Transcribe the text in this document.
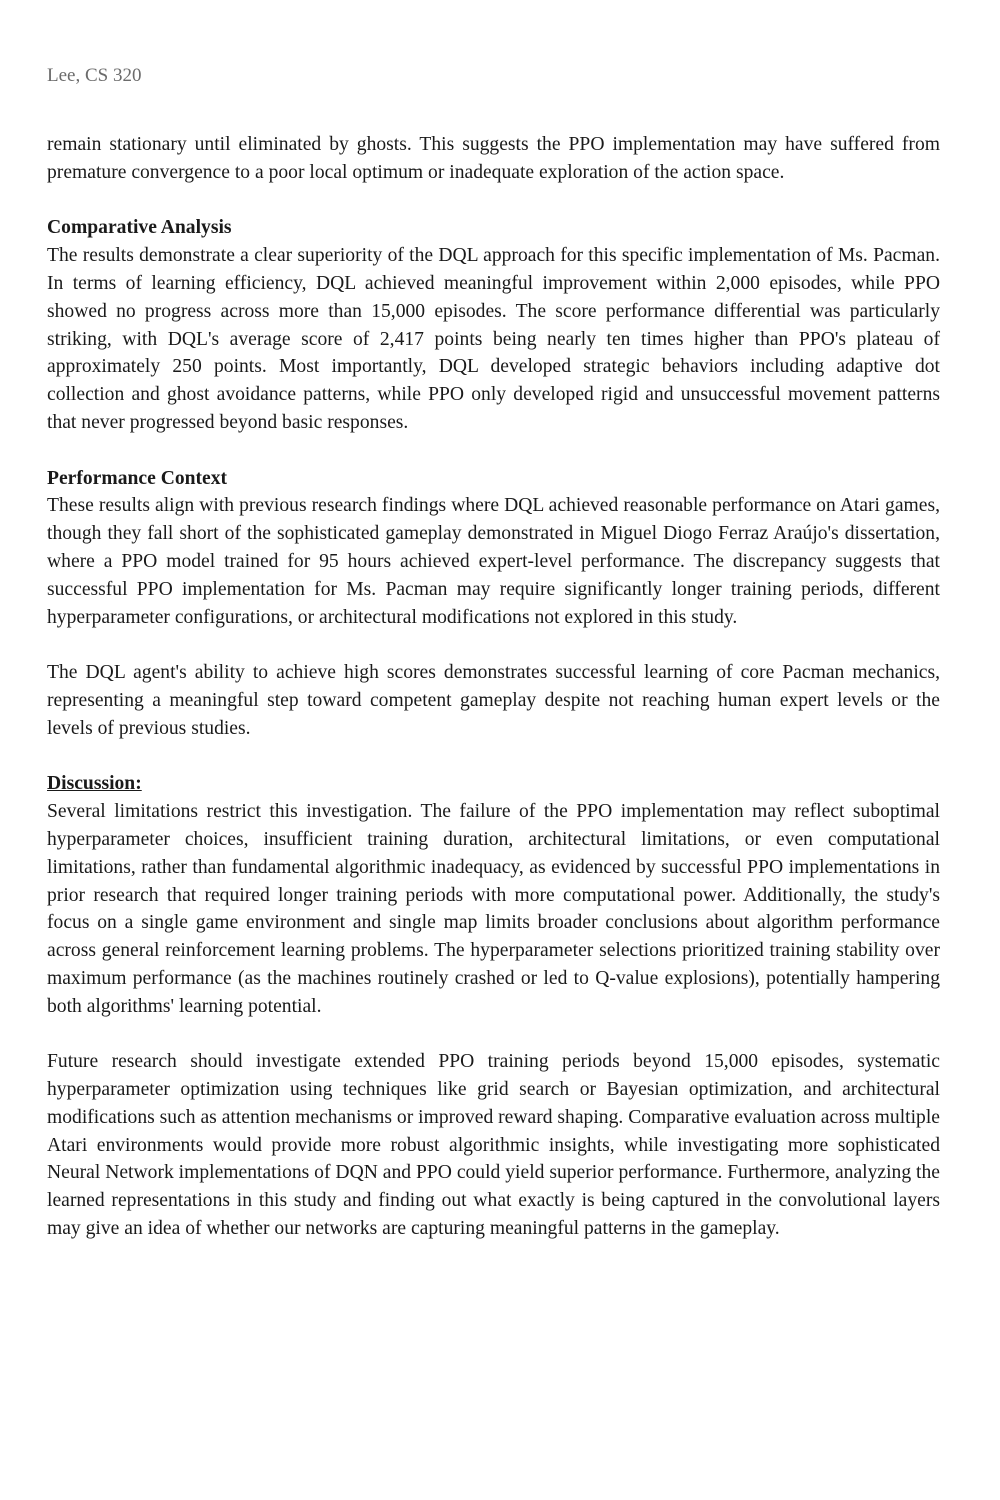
Lee, CS 320

remain stationary until eliminated by ghosts. This suggests the PPO implementation may have suffered from premature convergence to a poor local optimum or inadequate exploration of the action space.

Comparative Analysis

The results demonstrate a clear superiority of the DQL approach for this specific implementation of Ms. Pacman. In terms of learning efficiency, DQL achieved meaningful improvement within 2,000 episodes, while PPO showed no progress across more than 15,000 episodes. The score performance differential was particularly striking, with DQL's average score of 2,417 points being nearly ten times higher than PPO's plateau of approximately 250 points. Most importantly, DQL developed strategic behaviors including adaptive dot collection and ghost avoidance patterns, while PPO only developed rigid and unsuccessful movement patterns that never progressed beyond basic responses.

Performance Context

These results align with previous research findings where DQL achieved reasonable performance on Atari games, though they fall short of the sophisticated gameplay demonstrated in Miguel Diogo Ferraz Araújo's dissertation, where a PPO model trained for 95 hours achieved expert-level performance. The discrepancy suggests that successful PPO implementation for Ms. Pacman may require significantly longer training periods, different hyperparameter configurations, or architectural modifications not explored in this study.

The DQL agent's ability to achieve high scores demonstrates successful learning of core Pacman mechanics, representing a meaningful step toward competent gameplay despite not reaching human expert levels or the levels of previous studies.

Discussion:

Several limitations restrict this investigation. The failure of the PPO implementation may reflect suboptimal hyperparameter choices, insufficient training duration, architectural limitations, or even computational limitations, rather than fundamental algorithmic inadequacy, as evidenced by successful PPO implementations in prior research that required longer training periods with more computational power. Additionally, the study's focus on a single game environment and single map limits broader conclusions about algorithm performance across general reinforcement learning problems. The hyperparameter selections prioritized training stability over maximum performance (as the machines routinely crashed or led to Q-value explosions), potentially hampering both algorithms' learning potential.

Future research should investigate extended PPO training periods beyond 15,000 episodes, systematic hyperparameter optimization using techniques like grid search or Bayesian optimization, and architectural modifications such as attention mechanisms or improved reward shaping. Comparative evaluation across multiple Atari environments would provide more robust algorithmic insights, while investigating more sophisticated Neural Network implementations of DQN and PPO could yield superior performance. Furthermore, analyzing the learned representations in this study and finding out what exactly is being captured in the convolutional layers may give an idea of whether our networks are capturing meaningful patterns in the gameplay.
